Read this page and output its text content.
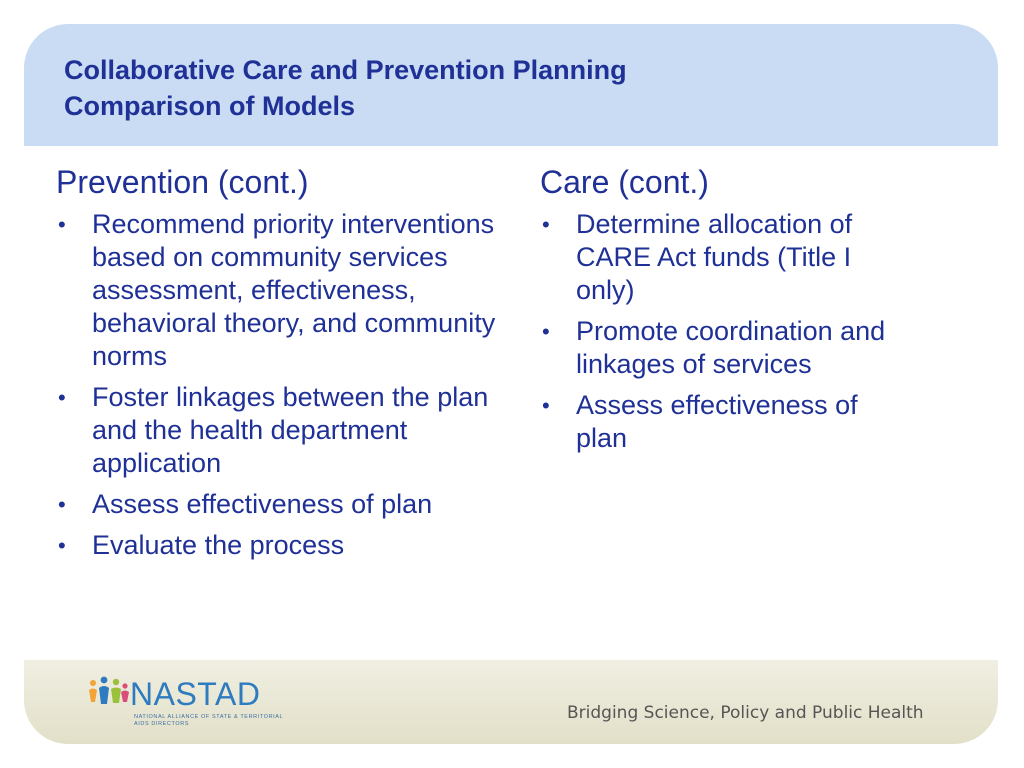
Collaborative Care and Prevention Planning
Comparison of Models
Prevention (cont.)
• Recommend priority interventions based on community services assessment, effectiveness, behavioral theory, and community norms
• Foster linkages between the plan and the health department application
• Assess effectiveness of plan
• Evaluate the process
Care (cont.)
• Determine allocation of CARE Act funds (Title I only)
• Promote coordination and linkages of services
• Assess effectiveness of plan
NASTAD
NATIONAL ALLIANCE OF STATE & TERRITORIAL AIDS DIRECTORS
Bridging Science, Policy and Public Health
